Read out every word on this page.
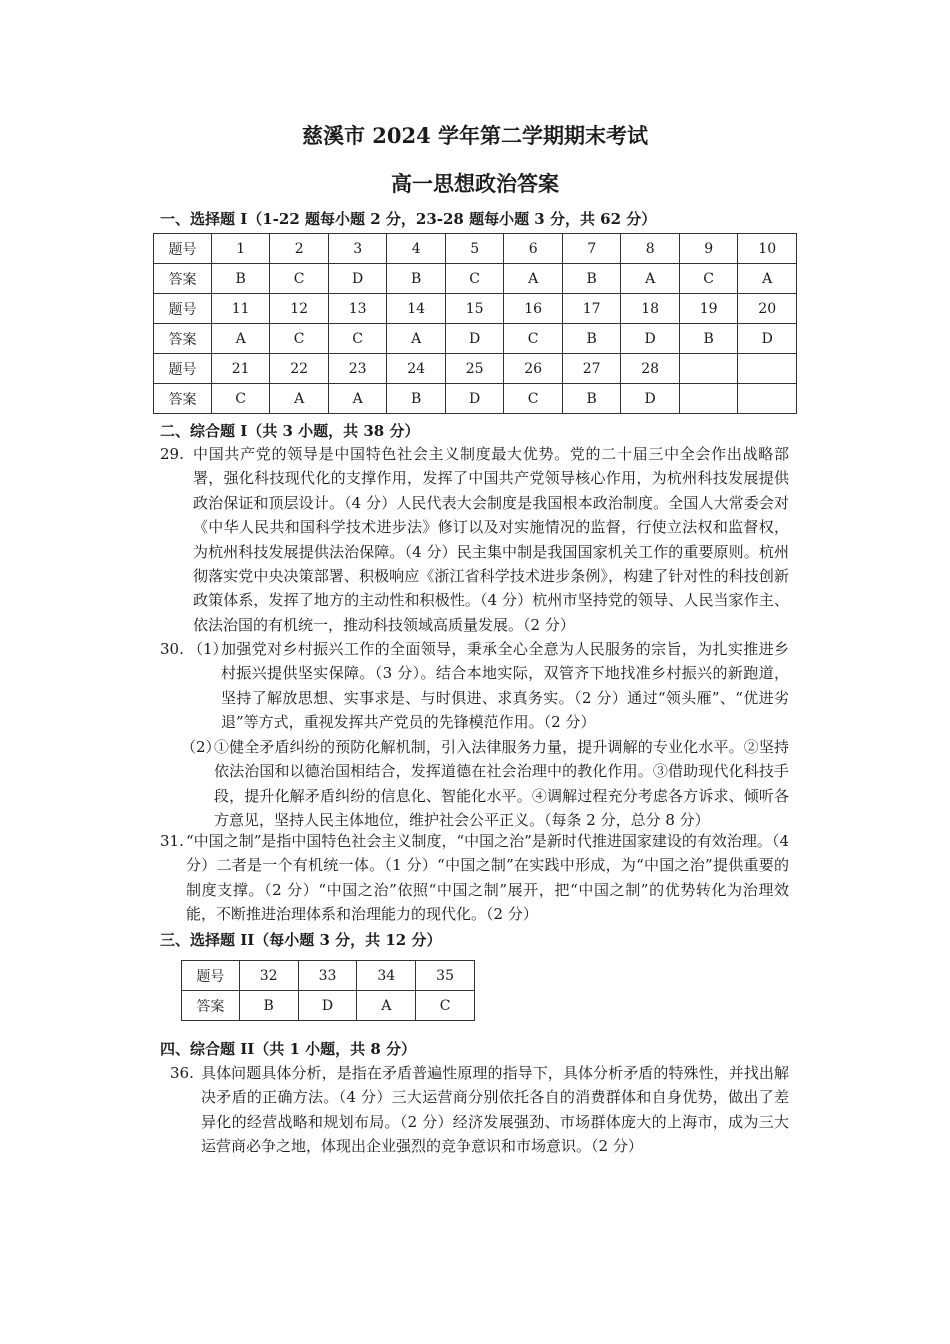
慈溪市 2024 学年第二学期期末考试
高一思想政治答案
一、选择题 I（1-22 题每小题 2 分，23-28 题每小题 3 分，共 62 分）
题号	1	2	3	4	5	6	7	8	9	10
答案	B	C	D	B	C	A	B	A	C	A
题号	11	12	13	14	15	16	17	18	19	20
答案	A	C	C	A	D	C	B	D	B	D
题号	21	22	23	24	25	26	27	28		
答案	C	A	A	B	D	C	B	D		
二、综合题 I（共 3 小题，共 38 分）
29. 中国共产党的领导是中国特色社会主义制度最大优势。党的二十届三中全会作出战略部署，强化科技现代化的支撑作用，发挥了中国共产党领导核心作用，为杭州科技发展提供政治保证和顶层设计。（4 分）人民代表大会制度是我国根本政治制度。全国人大常委会对《中华人民共和国科学技术进步法》修订以及对实施情况的监督，行使立法权和监督权，为杭州科技发展提供法治保障。（4 分）民主集中制是我国国家机关工作的重要原则。杭州彻落实党中央决策部署、积极响应《浙江省科学技术进步条例》，构建了针对性的科技创新政策体系，发挥了地方的主动性和积极性。（4 分）杭州市坚持党的领导、人民当家作主、依法治国的有机统一，推动科技领域高质量发展。（2 分）
30. （1）
加强党对乡村振兴工作的全面领导，秉承全心全意为人民服务的宗旨，为扎实推进乡村振兴提供坚实保障。（3 分）。结合本地实际，双管齐下地找准乡村振兴的新跑道，坚持了解放思想、实事求是、与时俱进、求真务实。（2 分）通过“领头雁”、“优进劣退”等方式，重视发挥共产党员的先锋模范作用。（2 分）
（2）
①健全矛盾纠纷的预防化解机制，引入法律服务力量，提升调解的专业化水平。②坚持依法治国和以德治国相结合，发挥道德在社会治理中的教化作用。③借助现代化科技手段，提升化解矛盾纠纷的信息化、智能化水平。④调解过程充分考虑各方诉求、倾听各方意见，坚持人民主体地位，维护社会公平正义。（每条 2 分，总分 8 分）
31. “中国之制”是指中国特色社会主义制度，“中国之治”是新时代推进国家建设的有效治理。（4 分）二者是一个有机统一体。（1 分）“中国之制”在实践中形成，为“中国之治”提供重要的制度支撑。（2 分）“中国之治”依照“中国之制”展开，把“中国之制”的优势转化为治理效能，不断推进治理体系和治理能力的现代化。（2 分）
三、选择题 II（每小题 3 分，共 12 分）
题号	32	33	34	35
答案	B	D	A	C
四、综合题 II（共 1 小题，共 8 分）
36. 具体问题具体分析，是指在矛盾普遍性原理的指导下，具体分析矛盾的特殊性，并找出解决矛盾的正确方法。（4 分）三大运营商分别依托各自的消费群体和自身优势，做出了差异化的经营战略和规划布局。（2 分）经济发展强劲、市场群体庞大的上海市，成为三大运营商必争之地，体现出企业强烈的竞争意识和市场意识。（2 分）
